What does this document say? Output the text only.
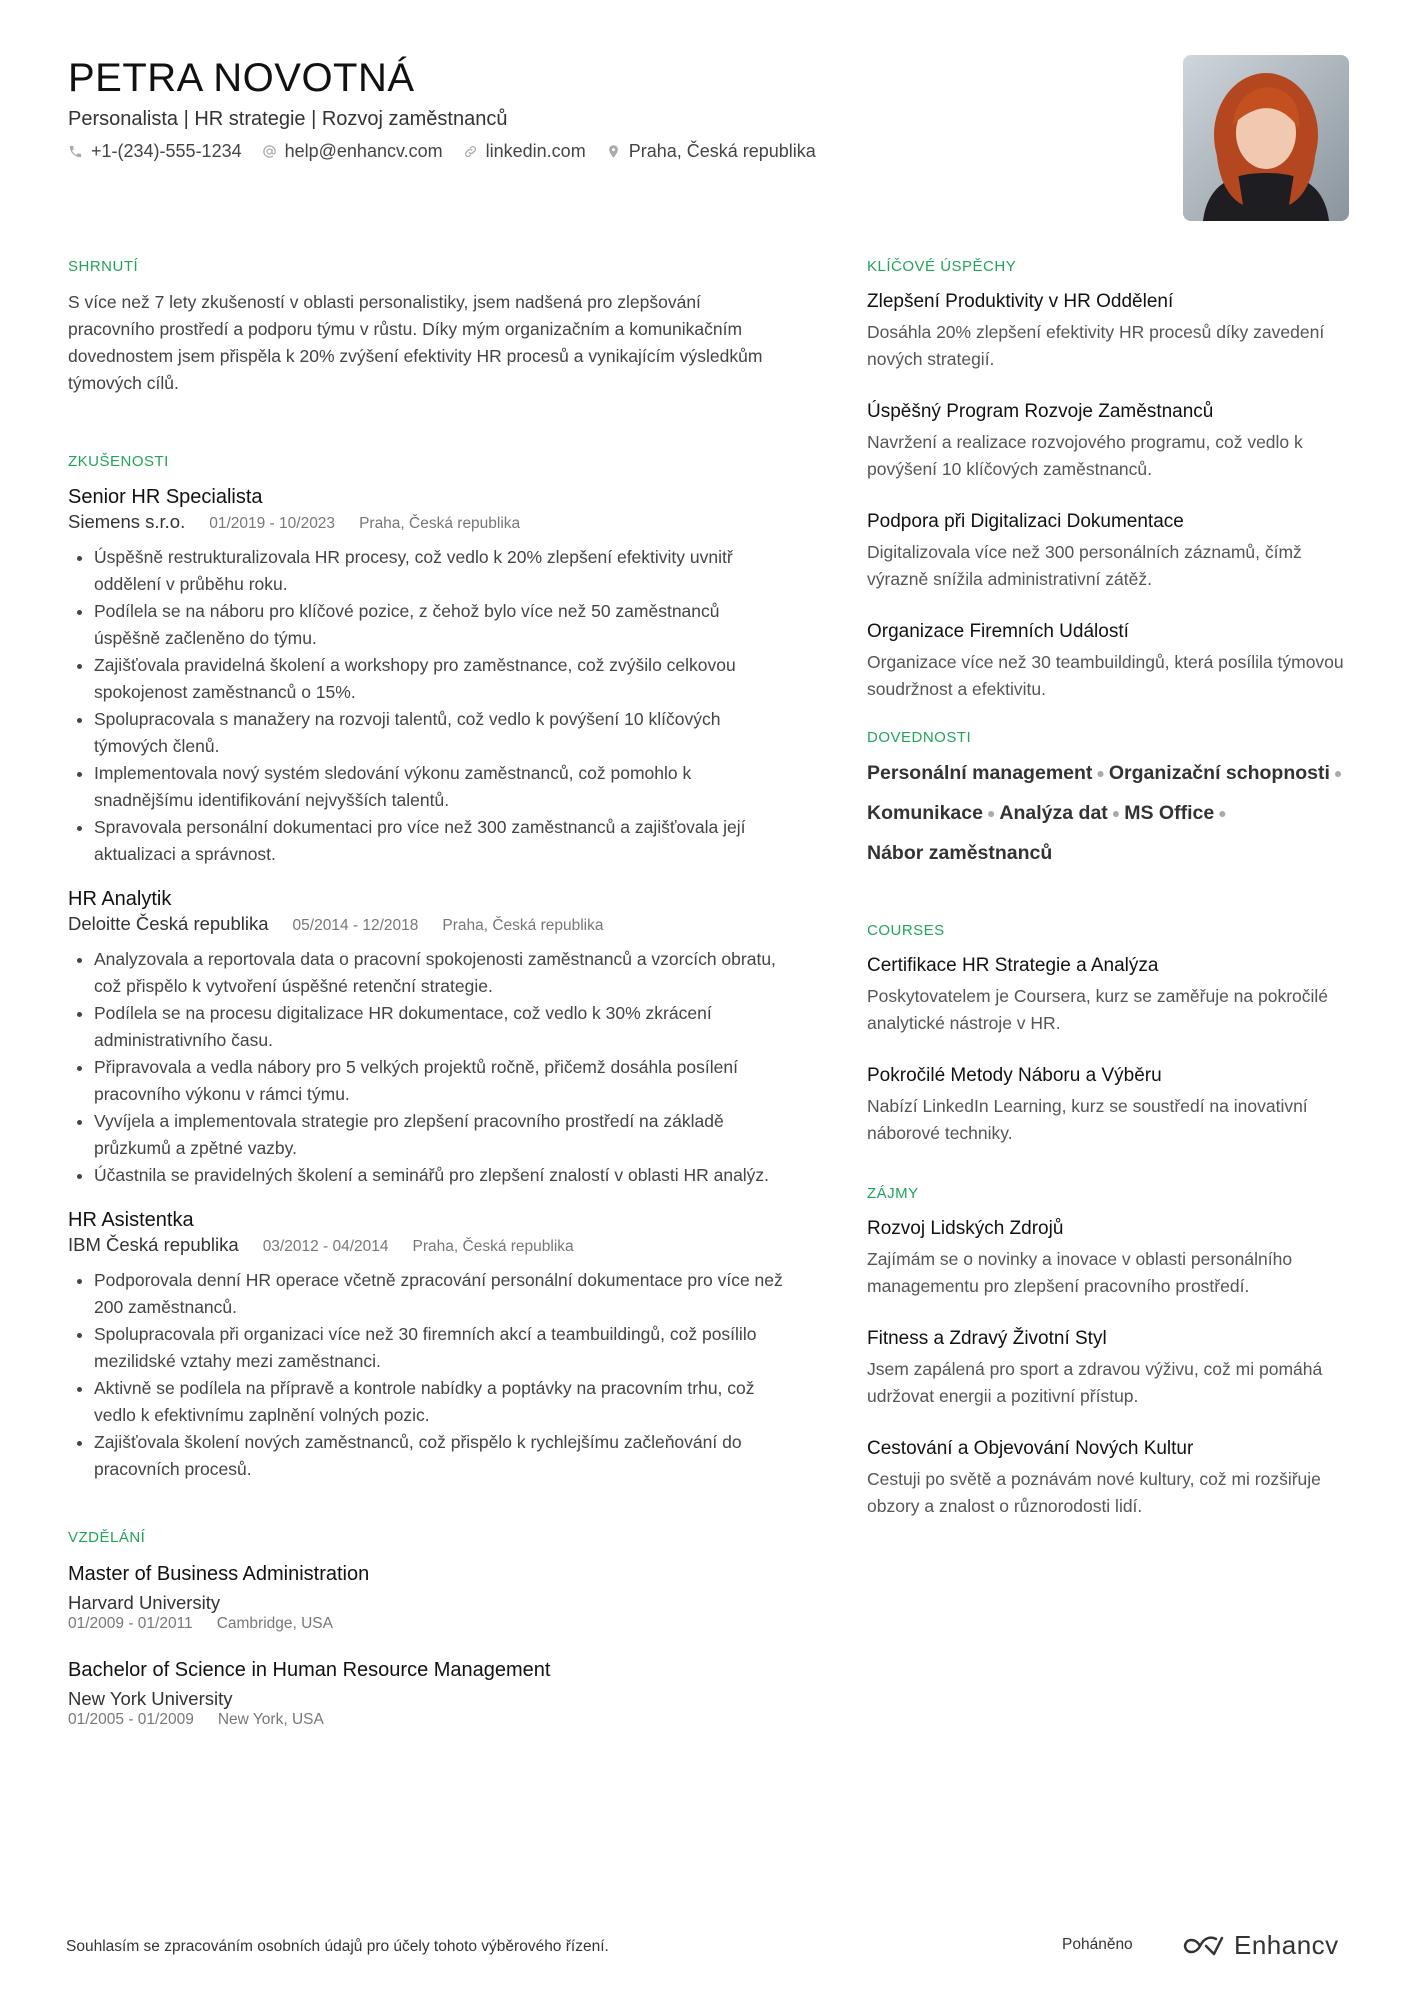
PETRA NOVOTNÁ
Personalista | HR strategie | Rozvoj zaměstnanců
+1-(234)-555-1234 help@enhancv.com linkedin.com Praha, Česká republika
SHRNUTÍ

S více než 7 lety zkušeností v oblasti personalistiky, jsem nadšená pro zlepšování pracovního prostředí a podporu týmu v růstu. Díky mým organizačním a komunikačním dovednostem jsem přispěla k 20% zvýšení efektivity HR procesů a vynikajícím výsledkům týmových cílů.

ZKUŠENOSTI
Senior HR Specialista
Siemens s.r.o. 01/2019 - 10/2023 Praha, Česká republika
• Úspěšně restrukturalizovala HR procesy, což vedlo k 20% zlepšení efektivity uvnitř oddělení v průběhu roku.
• Podílela se na náboru pro klíčové pozice, z čehož bylo více než 50 zaměstnanců úspěšně začleněno do týmu.
• Zajišťovala pravidelná školení a workshopy pro zaměstnance, což zvýšilo celkovou spokojenost zaměstnanců o 15%.
• Spolupracovala s manažery na rozvoji talentů, což vedlo k povýšení 10 klíčových týmových členů.
• Implementovala nový systém sledování výkonu zaměstnanců, což pomohlo k snadnějšímu identifikování nejvyšších talentů.
• Spravovala personální dokumentaci pro více než 300 zaměstnanců a zajišťovala její aktualizaci a správnost.
HR Analytik
Deloitte Česká republika 05/2014 - 12/2018 Praha, Česká republika
• Analyzovala a reportovala data o pracovní spokojenosti zaměstnanců a vzorcích obratu, což přispělo k vytvoření úspěšné retenční strategie.
• Podílela se na procesu digitalizace HR dokumentace, což vedlo k 30% zkrácení administrativního času.
• Připravovala a vedla nábory pro 5 velkých projektů ročně, přičemž dosáhla posílení pracovního výkonu v rámci týmu.
• Vyvíjela a implementovala strategie pro zlepšení pracovního prostředí na základě průzkumů a zpětné vazby.
• Účastnila se pravidelných školení a seminářů pro zlepšení znalostí v oblasti HR analýz.
HR Asistentka
IBM Česká republika 03/2012 - 04/2014 Praha, Česká republika
• Podporovala denní HR operace včetně zpracování personální dokumentace pro více než 200 zaměstnanců.
• Spolupracovala při organizaci více než 30 firemních akcí a teambuildingů, což posílilo mezilidské vztahy mezi zaměstnanci.
• Aktivně se podílela na přípravě a kontrole nabídky a poptávky na pracovním trhu, což vedlo k efektivnímu zaplnění volných pozic.
• Zajišťovala školení nových zaměstnanců, což přispělo k rychlejšímu začleňování do pracovních procesů.
VZDĚLÁNÍ
Master of Business Administration
Harvard University
01/2009 - 01/2011 Cambridge, USA
Bachelor of Science in Human Resource Management
New York University
01/2005 - 01/2009 New York, USA
KLÍČOVÉ ÚSPĚCHY
Zlepšení Produktivity v HR Oddělení
Dosáhla 20% zlepšení efektivity HR procesů díky zavedení nových strategií.
Úspěšný Program Rozvoje Zaměstnanců
Navržení a realizace rozvojového programu, což vedlo k povýšení 10 klíčových zaměstnanců.
Podpora při Digitalizaci Dokumentace
Digitalizovala více než 300 personálních záznamů, čímž výrazně snížila administrativní zátěž.
Organizace Firemních Událostí
Organizace více než 30 teambuildingů, která posílila týmovou soudržnost a efektivitu.
DOVEDNOSTI
Personální management ● Organizační schopnosti ●
Komunikace ● Analýza dat ● MS Office ●
Nábor zaměstnanců
COURSES
Certifikace HR Strategie a Analýza
Poskytovatelem je Coursera, kurz se zaměřuje na pokročilé analytické nástroje v HR.
Pokročilé Metody Náboru a Výběru
Nabízí LinkedIn Learning, kurz se soustředí na inovativní náborové techniky.
ZÁJMY
Rozvoj Lidských Zdrojů
Zajímám se o novinky a inovace v oblasti personálního managementu pro zlepšení pracovního prostředí.
Fitness a Zdravý Životní Styl
Jsem zapálená pro sport a zdravou výživu, což mi pomáhá udržovat energii a pozitivní přístup.
Cestování a Objevování Nových Kultur
Cestuji po světě a poznávám nové kultury, což mi rozšiřuje obzory a znalost o různorodosti lidí.
Souhlasím se zpracováním osobních údajů pro účely tohoto výběrového řízení.	Poháněno	Enhancv
